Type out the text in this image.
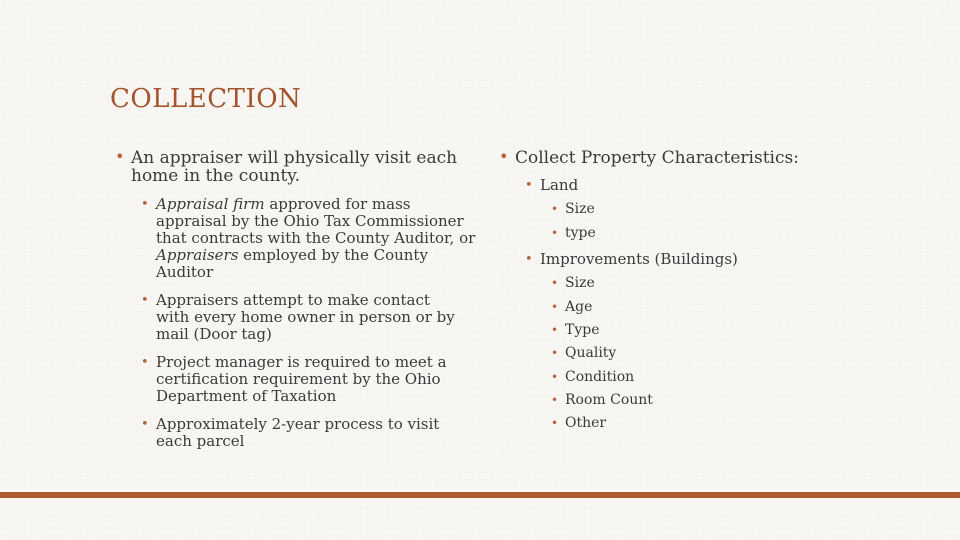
COLLECTION
• An appraiser will physically visit each home in the county.
• Appraisal firm approved for mass appraisal by the Ohio Tax Commissioner that contracts with the County Auditor, or Appraisers employed by the County Auditor
• Appraisers attempt to make contact with every home owner in person or by mail (Door tag)
• Project manager is required to meet a certification requirement by the Ohio Department of Taxation
• Approximately 2-year process to visit each parcel
• Collect Property Characteristics:
• Land
• Size
• type
• Improvements (Buildings)
• Size
• Age
• Type
• Quality
• Condition
• Room Count
• Other
